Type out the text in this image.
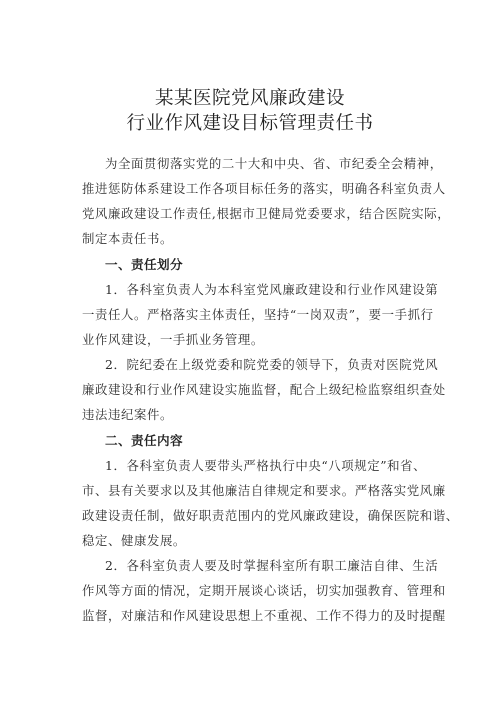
某某医院党风廉政建设
行业作风建设目标管理责任书
为全面贯彻落实党的二十大和中央、省、市纪委全会精神，
推进惩防体系建设工作各项目标任务的落实，明确各科室负责人
党风廉政建设工作责任,根据市卫健局党委要求，结合医院实际，
制定本责任书。
一、责任划分
1．各科室负责人为本科室党风廉政建设和行业作风建设第
一责任人。严格落实主体责任，坚持“一岗双责”，要一手抓行
业作风建设，一手抓业务管理。
2．院纪委在上级党委和院党委的领导下，负责对医院党风
廉政建设和行业作风建设实施监督，配合上级纪检监察组织查处
违法违纪案件。
二、责任内容
1．各科室负责人要带头严格执行中央“八项规定”和省、
市、县有关要求以及其他廉洁自律规定和要求。严格落实党风廉
政建设责任制，做好职责范围内的党风廉政建设，确保医院和谐、
稳定、健康发展。
2．各科室负责人要及时掌握科室所有职工廉洁自律、生活
作风等方面的情况，定期开展谈心谈话，切实加强教育、管理和
监督，对廉洁和作风建设思想上不重视、工作不得力的及时提醒
